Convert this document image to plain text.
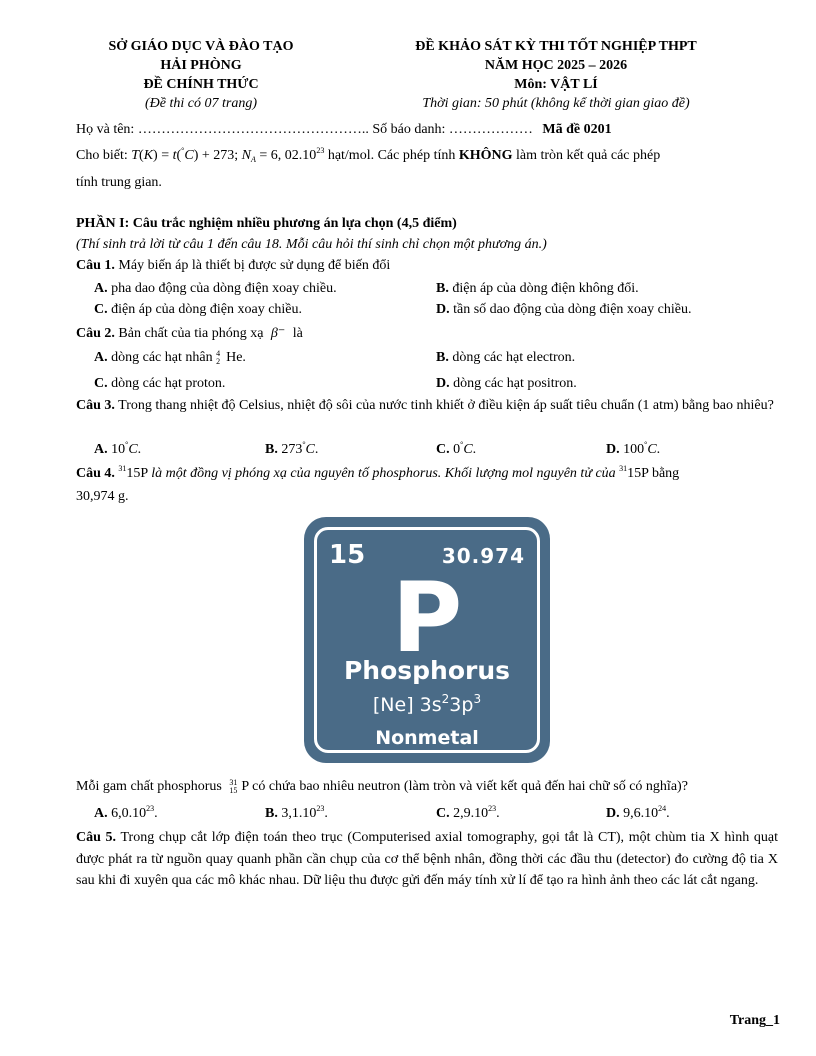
SỞ GIÁO DỤC VÀ ĐÀO TẠO
HẢI PHÒNG
ĐỀ CHÍNH THỨC
(Đề thi có 07 trang)
ĐỀ KHẢO SÁT KỲ THI TỐT NGHIỆP THPT
NĂM HỌC 2025 – 2026
Môn: VẬT LÍ
Thời gian: 50 phút (không kể thời gian giao đề)
Họ và tên: ………………………………………….. Số báo danh: ……………… Mã đề 0201
Cho biết: T(K) = t(°C) + 273; $N_A = 6$, 02.10$^{23}$ hạt/mol. Các phép tính KHÔNG làm tròn kết quả các phép
tính trung gian.
PHẦN I: Câu trắc nghiệm nhiều phương án lựa chọn (4,5 điểm)
(Thí sinh trả lời từ câu 1 đến câu 18. Mỗi câu hỏi thí sinh chỉ chọn một phương án.)
Câu 1. Máy biến áp là thiết bị được sử dụng để biến đổi
A. pha dao động của dòng điện xoay chiều.	B. điện áp của dòng điện không đổi.
C. điện áp của dòng điện xoay chiều.	D. tần số dao động của dòng điện xoay chiều.
Câu 2. Bản chất của tia phóng xạ β⁻ là
A. dòng các hạt nhân 4
2 He.	B. dòng các hạt electron.
C. dòng các hạt proton.	D. dòng các hạt positron.
Câu 3. Trong thang nhiệt độ Celsius, nhiệt độ sôi của nước tinh khiết ở điều kiện áp suất tiêu chuẩn (1 atm) bằng bao nhiêu?
A. 10°C.	B. 273°C.	C. 0°C.	D. 100°C.
Câu 4. $^{31}$15P là một đồng vị phóng xạ của nguyên tố phosphorus. Khối lượng mol nguyên tử của $^{31}$15P bằng
30,974 g.
15	30.974
P
Phosphorus
[Ne] $3s^23p^3$
Nonmetal
Mỗi gam chất phosphorus 31
15 P có chứa bao nhiêu neutron (làm tròn và viết kết quả đến hai chữ số có nghĩa)?
A. 6,0.10$^{23}$.	B. 3,1.10$^{23}$.	C. 2,9.10$^{23}$.	D. 9,6.10$^{24}$.
Câu 5. Trong chụp cắt lớp điện toán theo trục (Computerised axial tomography, gọi tắt là CT), một chùm tia X hình quạt được phát ra từ nguồn quay quanh phần cần chụp của cơ thể bệnh nhân, đồng thời các đầu thu (detector) đo cường độ tia X sau khi đi xuyên qua các mô khác nhau. Dữ liệu thu được gửi đến máy tính xử lí để tạo ra hình ảnh theo các lát cắt ngang.
Trang_1
